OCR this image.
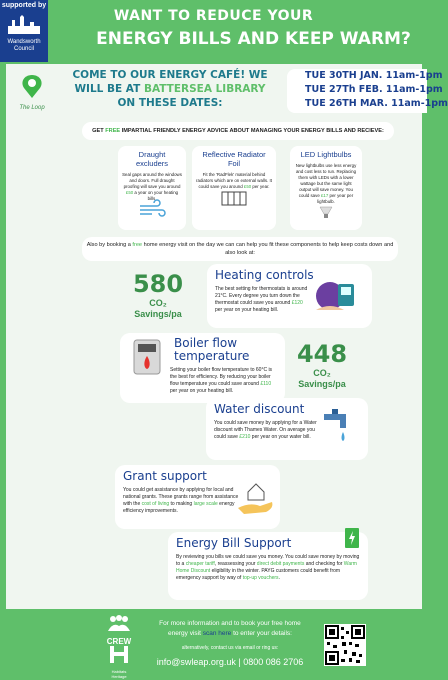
supported by
Wandsworth Council
WANT TO REDUCE YOUR
ENERGY BILLS AND KEEP WARM?
The Loop
COME TO OUR ENERGY CAFÉ! WE
WILL BE AT BATTERSEA LIBRARY
ON THESE DATES:
TUE 30TH JAN. 11am-1pm
TUE 27Th FEB. 11am-1pm
TUE 26TH MAR. 11am-1pm
GET FREE IMPARTIAL FRIENDLY ENERGY ADVICE ABOUT MANAGING YOUR ENERGY BILLS AND RECIEVE:
Draught excluders
Seal gaps around the windows and doors. Full draught proofing will save you around £50 a year on your heating bills.
Reflective Radiator Foil
Fit the 'RadFlek' material behind radiators which are on external walls. It could save you around £50 per year.
LED Lightbulbs
New lightbulbs use less energy and cost less to run. Replacing them with LEDs with a lower wattage but the same light output will save money. You could save £17 per year per lightbulb.
Also by booking a free home energy visit on the day we can can help you fit these components to help keep costs down and also look at:
580
CO₂
Savings/pa
Heating controls
The best setting for thermostats is around 21°C. Every degree you turn down the thermostat could save you around £120 per year on your heating bill.
Boiler flow temperature
Setting your boiler flow temperature to 60°C is the best for efficiency. By reducing your boiler flow temperature you could save around £110 per year on your heating bill.
448
CO₂
Savings/pa
Water discount
You could save money by applying for a Water discount with Thames Water. On average you could save £210 per year on your water bill.
Grant support
You could get assistance by applying for local and national grants. These grants range from assistance with the cost of living to making large scale energy efficiency improvements.
Energy Bill Support
By reviewing you bills we could save you money. You could save money by moving to a cheaper tariff, reassessing your direct debit payments and checking for Warm Home Discount eligibility in the winter. PAYG customers could benefit from emergency support by way of top-up vouchers.
CREW
Habitats Heritage
For more information and to book your free home
energy visit scan here to enter your details:
alternatively, contact us via email or ring us:
info@swleap.org.uk | 0800 086 2706
